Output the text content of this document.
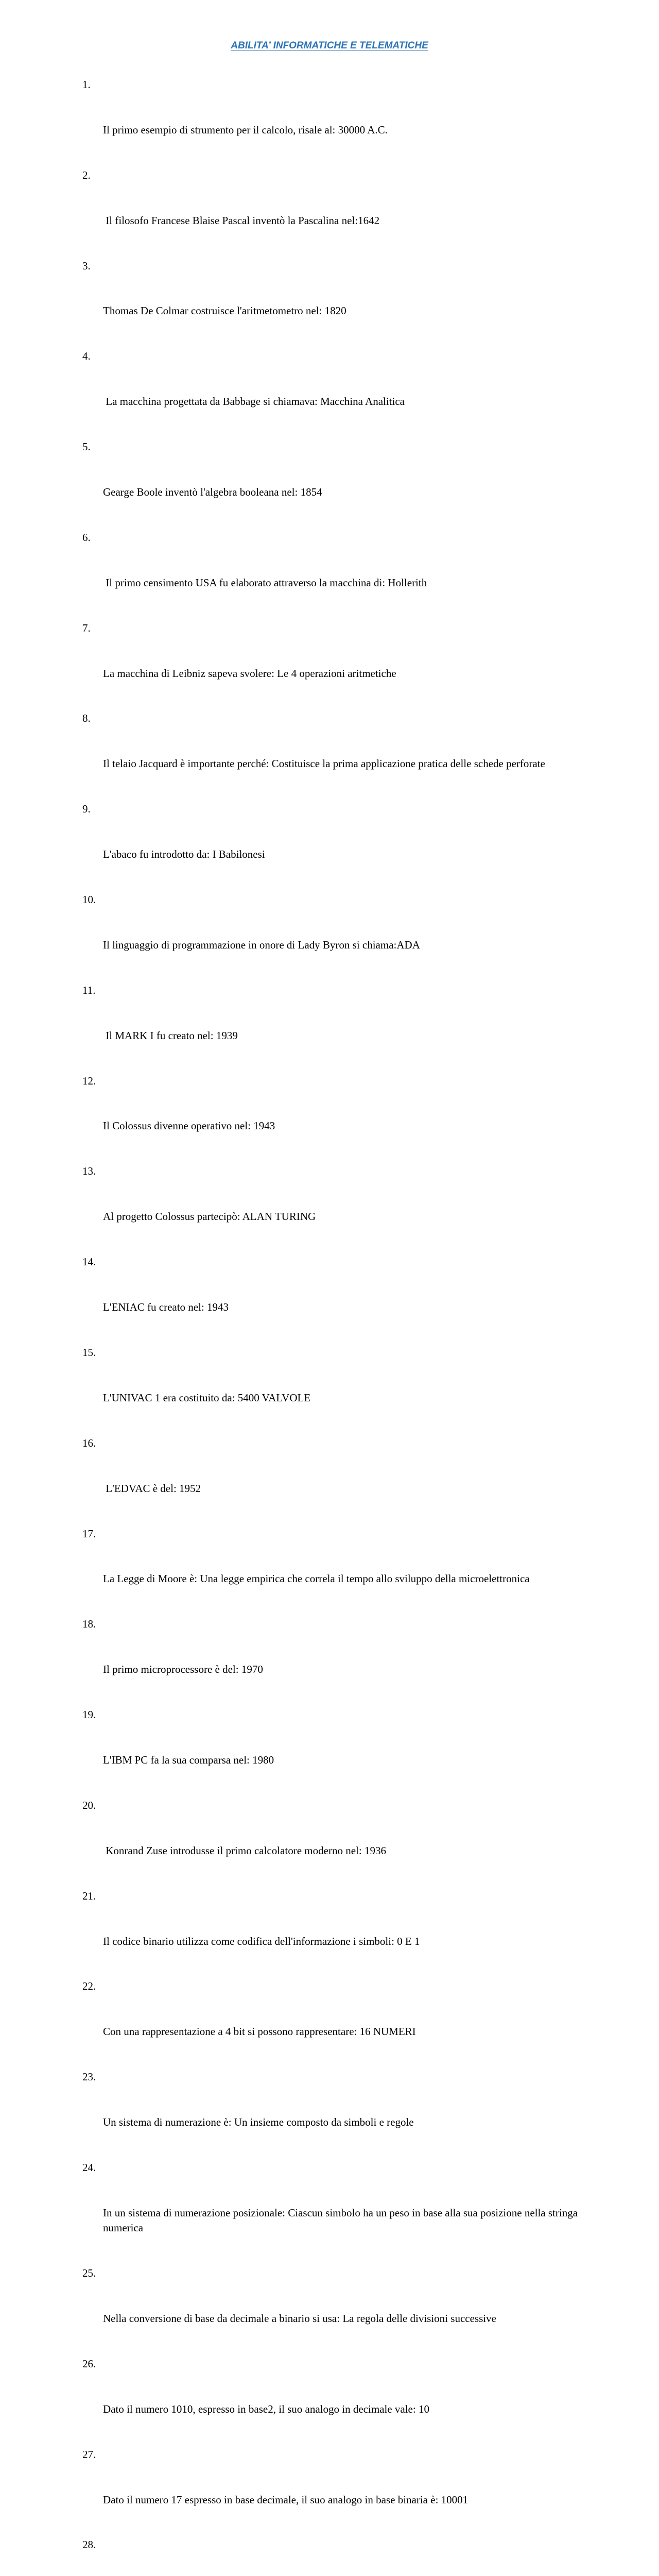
ABILITA’ INFORMATICHE E TELEMATICHE

1.

Il primo esempio di strumento per il calcolo, risale al: 30000 A.C.

2.

Il filosofo Francese Blaise Pascal inventò la Pascalina nel:1642

3.

Thomas De Colmar costruisce l'aritmetometro nel: 1820

4.

La macchina progettata da Babbage si chiamava: Macchina Analitica

5.

Gearge Boole inventò l'algebra booleana nel: 1854

6.

Il primo censimento USA fu elaborato attraverso la macchina di: Hollerith

7.

La macchina di Leibniz sapeva svolere: Le 4 operazioni aritmetiche

8.

Il telaio Jacquard è importante perché: Costituisce la prima applicazione pratica delle schede perforate

9.

L'abaco fu introdotto da: I Babilonesi

10.

Il linguaggio di programmazione in onore di Lady Byron si chiama:ADA

11.

Il MARK I fu creato nel: 1939

12.

Il Colossus divenne operativo nel: 1943

13.

Al progetto Colossus partecipò: ALAN TURING

14.

L'ENIAC fu creato nel: 1943

15.

L'UNIVAC 1 era costituito da: 5400 VALVOLE

16.

L'EDVAC è del: 1952

17.

La Legge di Moore è: Una legge empirica che correla il tempo allo sviluppo della microelettronica

18.

Il primo microprocessore è del: 1970

19.

L'IBM PC fa la sua comparsa nel: 1980

20.

Konrand Zuse introdusse il primo calcolatore moderno nel: 1936

21.

Il codice binario utilizza come codifica dell'informazione i simboli: 0 E 1

22.

Con una rappresentazione a 4 bit si possono rappresentare: 16 NUMERI

23.

Un sistema di numerazione è: Un insieme composto da simboli e regole

24.

In un sistema di numerazione posizionale: Ciascun simbolo ha un peso in base alla sua posizione nella stringa numerica

25.

Nella conversione di base da decimale a binario si usa: La regola delle divisioni successive

26.

Dato il numero 1010, espresso in base2, il suo analogo in decimale vale: 10

27.

Dato il numero 17 espresso in base decimale, il suo analogo in base binaria è: 10001

28.
